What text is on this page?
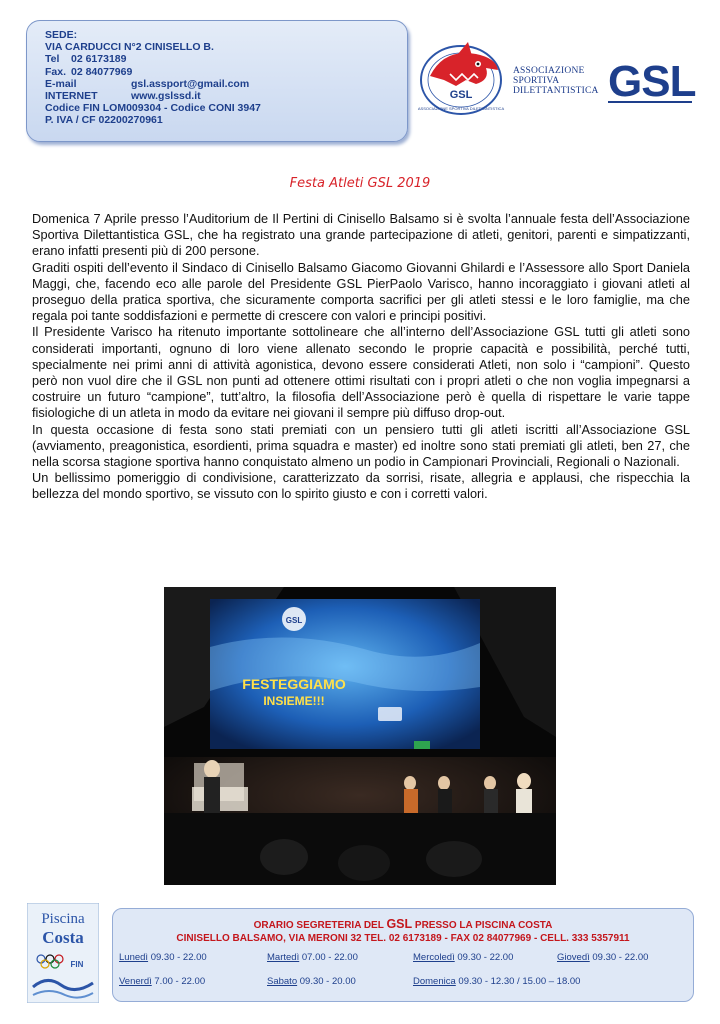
SEDE:
VIA CARDUCCI N°2 CINISELLO B.
Tel	02 6173189
Fax. 02 84077969
E-mail	gsl.assport@gmail.com
INTERNET	www.gslssd.it
Codice FIN LOM009304 - Codice CONI 3947
P. IVA / CF 02200270961
GSL
ASSOCIAZIONE SPORTIVA DILETTANTISTICA
ASSOCIAZIONE
SPORTIVA
DILETTANTISTICA GSL
Festa Atleti GSL 2019

Domenica 7 Aprile presso l’Auditorium de Il Pertini di Cinisello Balsamo si è svolta l’annuale festa dell’Associazione Sportiva Dilettantistica GSL, che ha registrato una grande partecipazione di atleti, genitori, parenti e simpatizzanti, erano infatti presenti più di 200 persone.

Graditi ospiti dell’evento il Sindaco di Cinisello Balsamo Giacomo Giovanni Ghilardi e l’Assessore allo Sport Daniela Maggi, che, facendo eco alle parole del Presidente GSL PierPaolo Varisco, hanno incoraggiato i giovani atleti al proseguo della pratica sportiva, che sicuramente comporta sacrifici per gli atleti stessi e le loro famiglie, ma che regala poi tante soddisfazioni e permette di crescere con valori e principi positivi.

Il Presidente Varisco ha ritenuto importante sottolineare che all’interno dell’Associazione GSL tutti gli atleti sono considerati importanti, ognuno di loro viene allenato secondo le proprie capacità e possibilità, perché tutti, specialmente nei primi anni di attività agonistica, devono essere considerati Atleti, non solo i “campioni”. Questo però non vuol dire che il GSL non punti ad ottenere ottimi risultati con i propri atleti o che non voglia impegnarsi a costruire un futuro “campione”, tutt’altro, la filosofia dell’Associazione però è quella di rispettare le varie tappe fisiologiche di un atleta in modo da evitare nei giovani il sempre più diffuso drop-out.

In questa occasione di festa sono stati premiati con un pensiero tutti gli atleti iscritti all’Associazione GSL (avviamento, preagonistica, esordienti, prima squadra e master) ed inoltre sono stati premiati gli atleti, ben 27, che nella scorsa stagione sportiva hanno conquistato almeno un podio in Campionari Provinciali, Regionali o Nazionali.

Un bellissimo pomeriggio di condivisione, caratterizzato da sorrisi, risate, allegria e applausi, che rispecchia la bellezza del mondo sportivo, se vissuto con lo spirito giusto e con i corretti valori.

GSL
FESTEGGIAMO
INSIEME!!!
Piscina
Costa
FIN
ORARIO SEGRETERIA DEL GSL PRESSO LA PISCINA COSTA
CINISELLO BALSAMO, VIA MERONI 32 TEL. 02 6173189 - FAX 02 84077969 - CELL. 333 5357911
Lunedì 09.30 - 22.00	Martedì 07.00 - 22.00	Mercoledì 09.30 - 22.00	Giovedì 09.30 - 22.00
Venerdì 7.00 - 22.00	Sabato 09.30 - 20.00	Domenica 09.30 - 12.30 / 15.00 – 18.00
